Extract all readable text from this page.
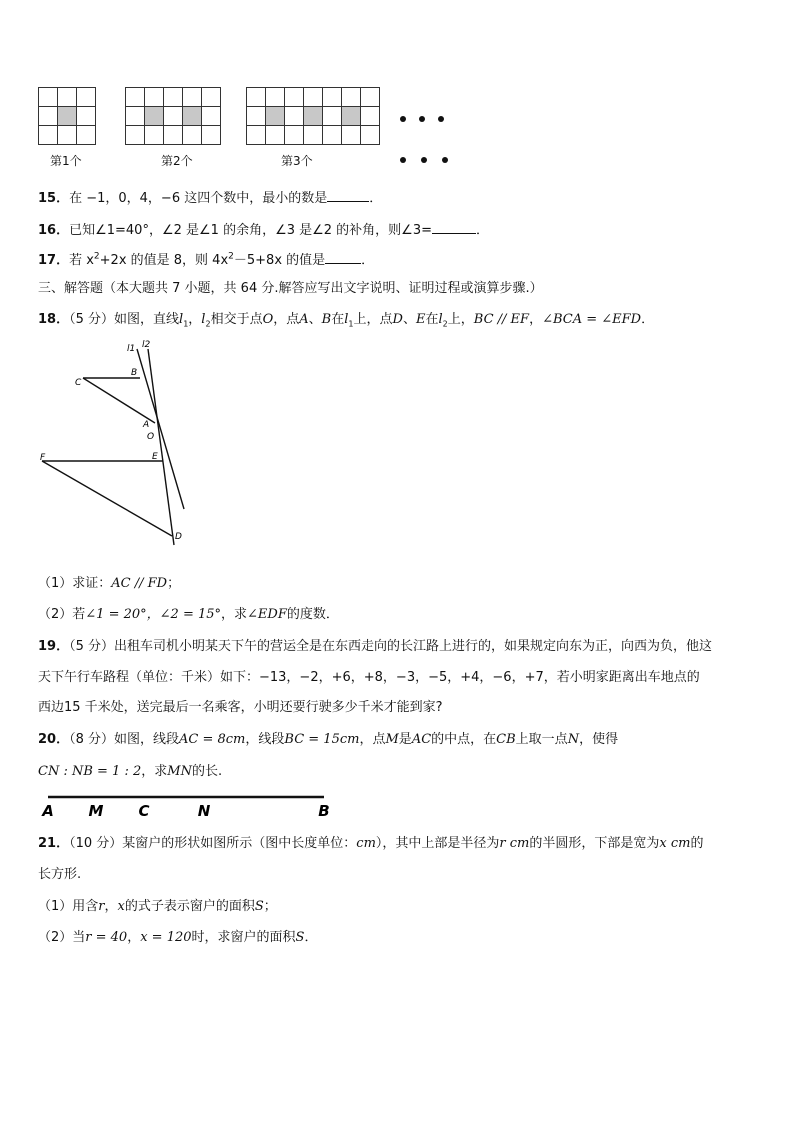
第1个	第2个	第3个
15．在 −1，0，4，−6 这四个数中，最小的数是	．
16．已知∠1=40°，∠2 是∠1 的余角，∠3 是∠2 的补角，则∠3=	．
17．若 $x^2+2x$ 的值是 8，则 $4x^2-5+8x$ 的值是	．
三、解答题（本大题共 7 小题，共 64 分.解答应写出文字说明、证明过程或演算步骤.）
18．（5 分）如图，直线$l_1$，$l_2$相交于点O，点A、B在$l_1$上，点D、E在$l_2$上，BC // EF，∠BCA = ∠EFD．
l1 l2
B
C
A
O
E
F
D
（1）求证：AC // FD；
（2）若∠1 = 20°，∠2 = 15°，求∠EDF的度数．
19．（5 分）出租车司机小明某天下午的营运全是在东西走向的长江路上进行的，如果规定向东为正，向西为负，他这
天下午行车路程（单位：千米）如下：−13，−2，+6，+8，−3，−5，+4，−6，+7，若小明家距离出车地点的
西边15 千米处，送完最后一名乘客，小明还要行驶多少千米才能到家?
20．（8 分）如图，线段AC = 8cm，线段BC = 15cm，点M是AC的中点，在CB上取一点N，使得
CN : NB = 1 : 2，求MN的长.
A M C	N	B
21．（10 分）某窗户的形状如图所示（图中长度单位：cm），其中上部是半径为r cm的半圆形，下部是宽为x cm的
长方形.
（1）用含r，x的式子表示窗户的面积S；
（2）当r = 40，x = 120时，求窗户的面积S．
